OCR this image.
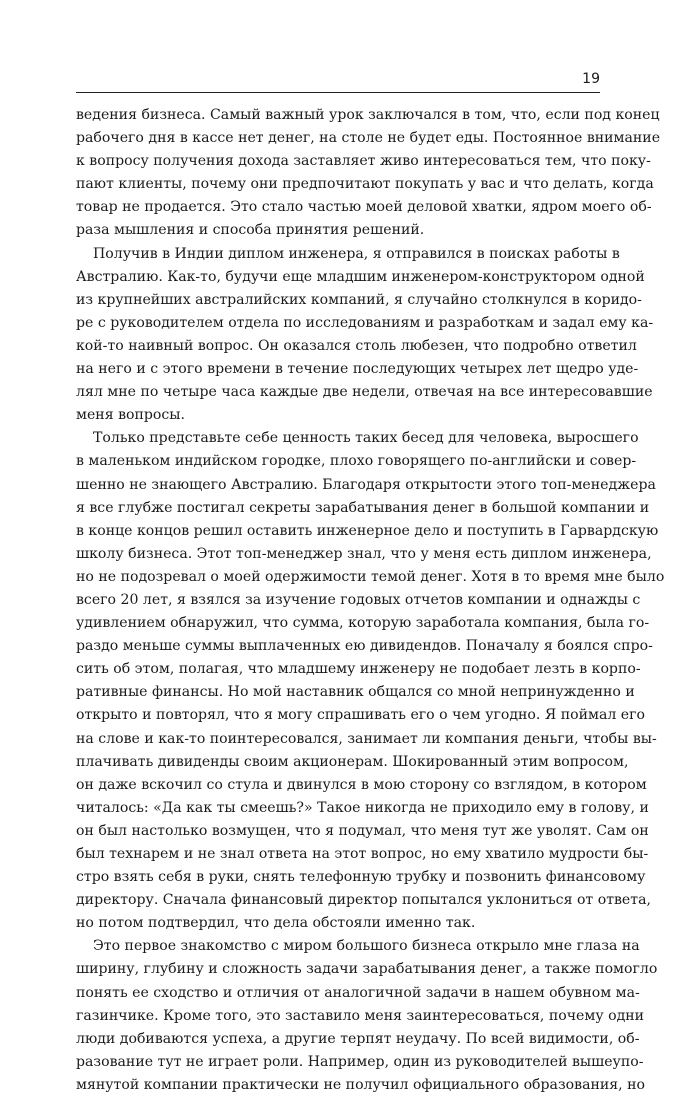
19

ведения бизнеса. Самый важный урок заключался в том, что, если под конец
рабочего дня в кассе нет денег, на столе не будет еды. Постоянное внимание
к вопросу получения дохода заставляет живо интересоваться тем, что поку-
пают клиенты, почему они предпочитают покупать у вас и что делать, когда
товар не продается. Это стало частью моей деловой хватки, ядром моего об-
раза мышления и способа принятия решений.

Получив в Индии диплом инженера, я отправился в поисках работы в
Австралию. Как-то, будучи еще младшим инженером-конструктором одной
из крупнейших австралийских компаний, я случайно столкнулся в коридо-
ре с руководителем отдела по исследованиям и разработкам и задал ему ка-
кой-то наивный вопрос. Он оказался столь любезен, что подробно ответил
на него и с этого времени в течение последующих четырех лет щедро уде-
лял мне по четыре часа каждые две недели, отвечая на все интересовавшие
меня вопросы.

Только представьте себе ценность таких бесед для человека, выросшего
в маленьком индийском городке, плохо говорящего по-английски и совер-
шенно не знающего Австралию. Благодаря открытости этого топ-менеджера
я все глубже постигал секреты зарабатывания денег в большой компании и
в конце концов решил оставить инженерное дело и поступить в Гарвардскую
школу бизнеса. Этот топ-менеджер знал, что у меня есть диплом инженера,
но не подозревал о моей одержимости темой денег. Хотя в то время мне было
всего 20 лет, я взялся за изучение годовых отчетов компании и однажды с
удивлением обнаружил, что сумма, которую заработала компания, была го-
раздо меньше суммы выплаченных ею дивидендов. Поначалу я боялся спро-
сить об этом, полагая, что младшему инженеру не подобает лезть в корпо-
ративные финансы. Но мой наставник общался со мной непринужденно и
открыто и повторял, что я могу спрашивать его о чем угодно. Я поймал его
на слове и как-то поинтересовался, занимает ли компания деньги, чтобы вы-
плачивать дивиденды своим акционерам. Шокированный этим вопросом,
он даже вскочил со стула и двинулся в мою сторону со взглядом, в котором
читалось: «Да как ты смеешь?» Такое никогда не приходило ему в голову, и
он был настолько возмущен, что я подумал, что меня тут же уволят. Сам он
был технарем и не знал ответа на этот вопрос, но ему хватило мудрости бы-
стро взять себя в руки, снять телефонную трубку и позвонить финансовому
директору. Сначала финансовый директор попытался уклониться от ответа,
но потом подтвердил, что дела обстояли именно так.

Это первое знакомство с миром большого бизнеса открыло мне глаза на
ширину, глубину и сложность задачи зарабатывания денег, а также помогло
понять ее сходство и отличия от аналогичной задачи в нашем обувном ма-
газинчике. Кроме того, это заставило меня заинтересоваться, почему одни
люди добиваются успеха, а другие терпят неудачу. По всей видимости, об-
разование тут не играет роли. Например, один из руководителей вышеупо-
мянутой компании практически не получил официального образования, но
